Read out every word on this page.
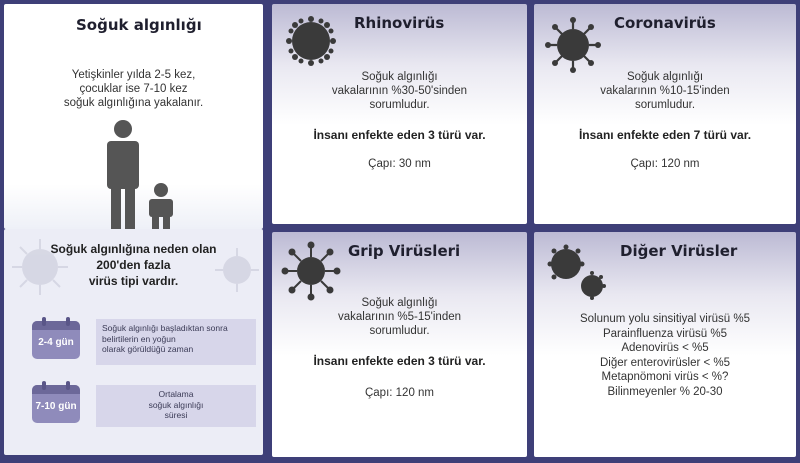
Soğuk algınlığı
Yetişkinler yılda 2-5 kez,
çocuklar ise 7-10 kez
soğuk algınlığına yakalanır.
Soğuk algınlığına neden olan
200'den fazla
virüs tipi vardır.
2-4 gün
Soğuk algınlığı başladıktan sonra
belirtilerin en yoğun
olarak görüldüğü zaman
7-10 gün
Ortalama
soğuk algınlığı
süresi
Rhinovirüs
Soğuk algınlığı
vakalarının %30-50'sinden
sorumludur.
İnsanı enfekte eden 3 türü var.
Çapı: 30 nm
Coronavirüs
Soğuk algınlığı
vakalarının %10-15'inden
sorumludur.
İnsanı enfekte eden 7 türü var.
Çapı: 120 nm
Grip Virüsleri
Soğuk algınlığı
vakalarının %5-15'inden
sorumludur.
İnsanı enfekte eden 3 türü var.
Çapı: 120 nm
Diğer Virüsler
Solunum yolu sinsitiyal virüsü %5
Parainfluenza virüsü %5
Adenovirüs < %5
Diğer enterovirüsler < %5
Metapnömoni virüs < %?
Bilinmeyenler % 20-30
